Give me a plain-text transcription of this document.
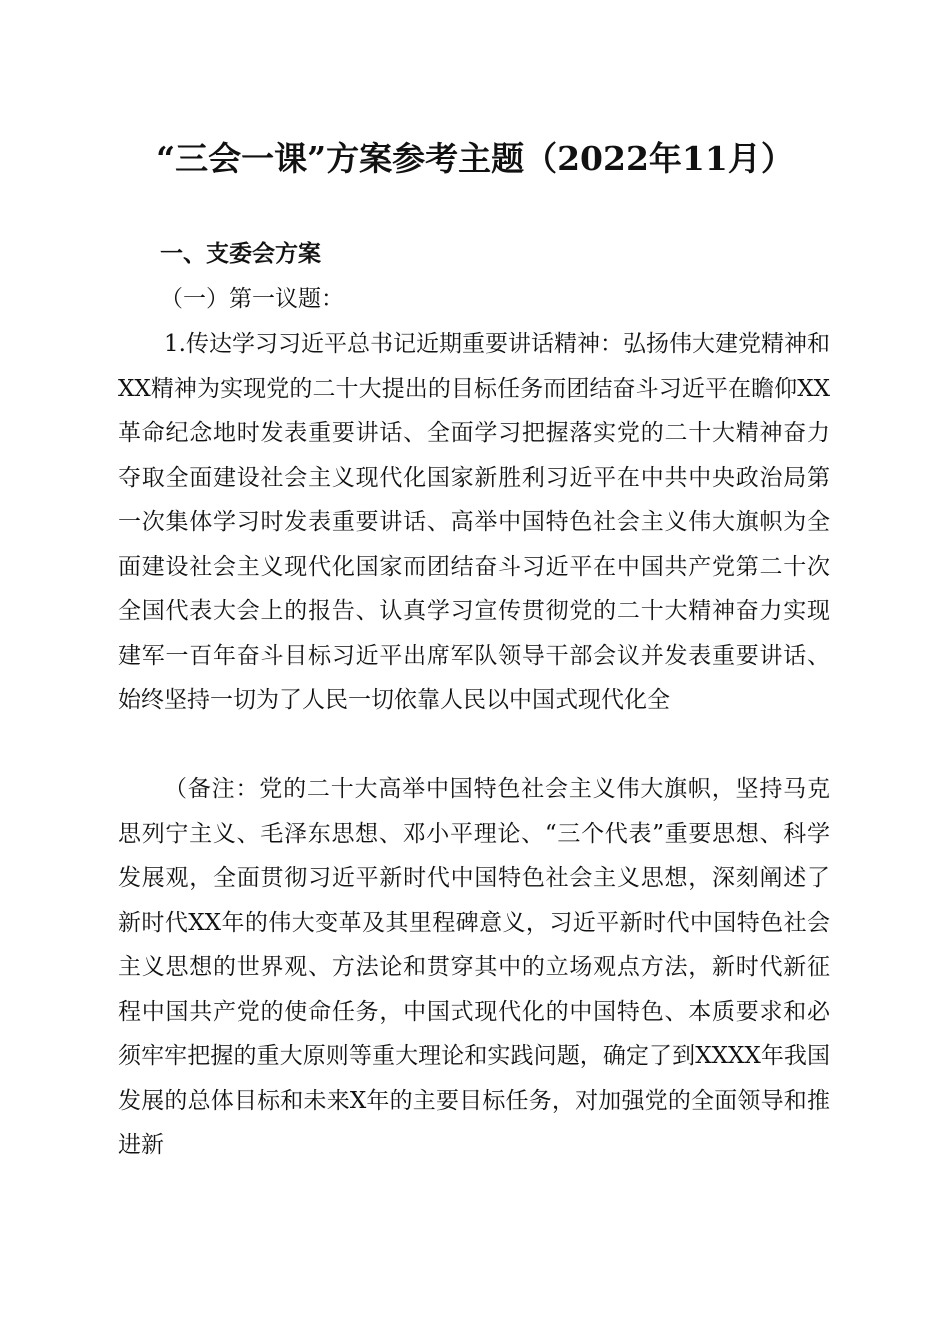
“三会一课”方案参考主题（2022年11月）
一、支委会方案
（一）第一议题：

1.传达学习习近平总书记近期重要讲话精神：弘扬伟大建党精神和XX精神为实现党的二十大提出的目标任务而团结奋斗习近平在瞻仰XX革命纪念地时发表重要讲话、全面学习把握落实党的二十大精神奋力夺取全面建设社会主义现代化国家新胜利习近平在中共中央政治局第一次集体学习时发表重要讲话、高举中国特色社会主义伟大旗帜为全面建设社会主义现代化国家而团结奋斗习近平在中国共产党第二十次全国代表大会上的报告、认真学习宣传贯彻党的二十大精神奋力实现建军一百年奋斗目标习近平出席军队领导干部会议并发表重要讲话、始终坚持一切为了人民一切依靠人民以中国式现代化全

（备注：党的二十大高举中国特色社会主义伟大旗帜，坚持马克思列宁主义、毛泽东思想、邓小平理论、“三个代表”重要思想、科学发展观，全面贯彻习近平新时代中国特色社会主义思想，深刻阐述了新时代XX年的伟大变革及其里程碑意义，习近平新时代中国特色社会主义思想的世界观、方法论和贯穿其中的立场观点方法，新时代新征程中国共产党的使命任务，中国式现代化的中国特色、本质要求和必须牢牢把握的重大原则等重大理论和实践问题，确定了到XXXX年我国发展的总体目标和未来X年的主要目标任务，对加强党的全面领导和推进新
